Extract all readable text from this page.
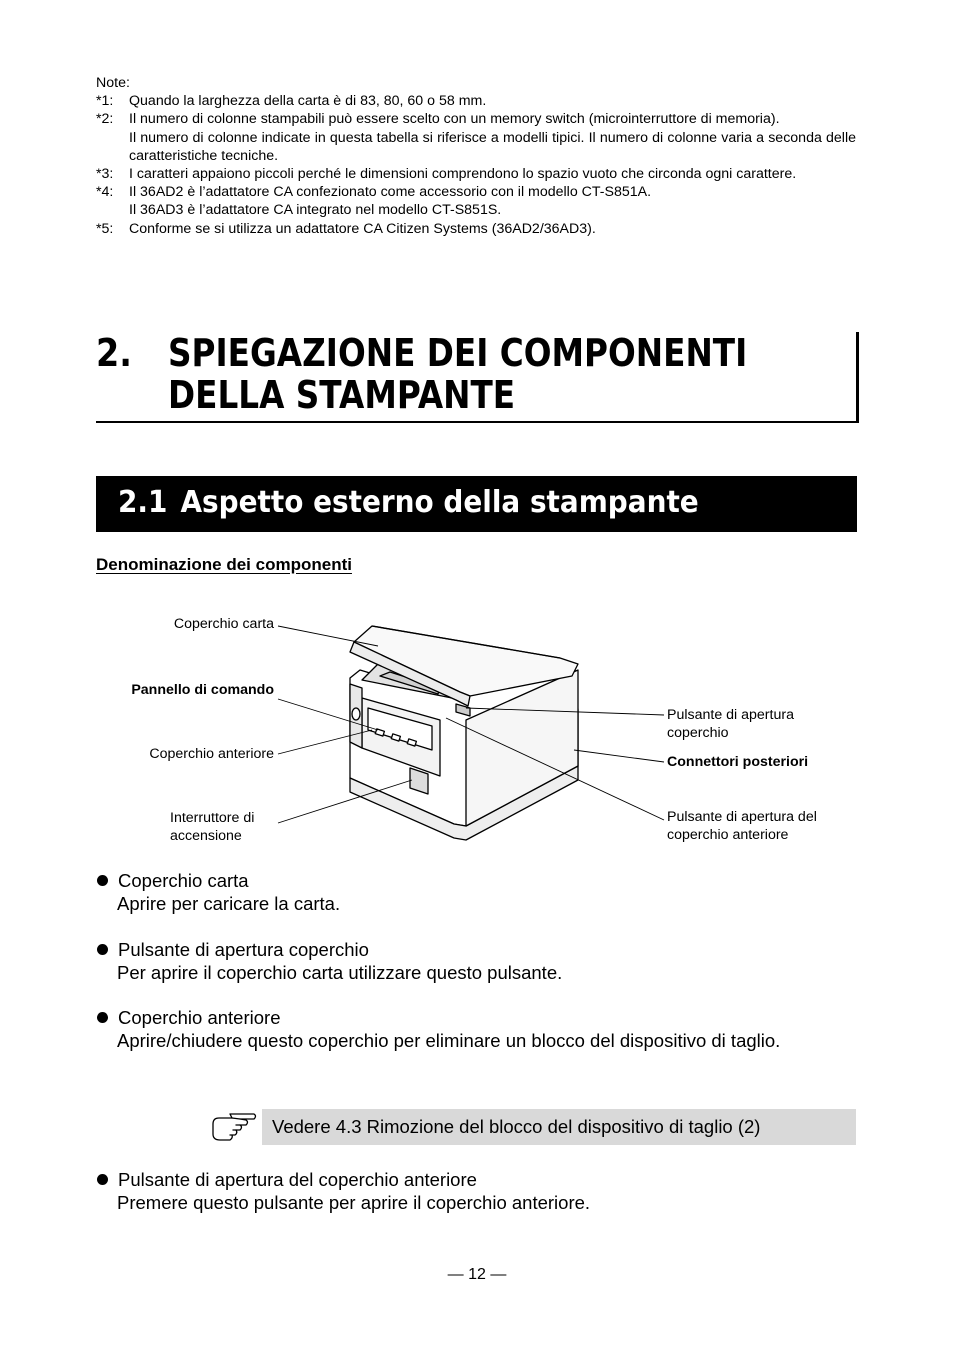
Note:
*1:	Quando la larghezza della carta è di 83, 80, 60 o 58 mm.

*2:	Il numero di colonne stampabili può essere scelto con un memory switch (microinterruttore di memoria).

Il numero di colonne indicate in questa tabella si riferisce a modelli tipici. Il numero di colonne varia a seconda delle caratteristiche tecniche.

*3:	I caratteri appaiono piccoli perché le dimensioni comprendono lo spazio vuoto che circonda ogni carattere.

*4:	Il 36AD2 è l’adattatore CA confezionato come accessorio con il modello CT-S851A.

Il 36AD3 è l’adattatore CA integrato nel modello CT-S851S.

*5:	Conforme se si utilizza un adattatore CA Citizen Systems (36AD2/36AD3).

2. SPIEGAZIONE DEI COMPONENTI
DELLA STAMPANTE
2.1 Aspetto esterno della stampante
Denominazione dei componenti
Coperchio carta
Pannello di comando
Coperchio anteriore
Interruttore di
accensione
Pulsante di apertura
coperchio
Connettori posteriori
Pulsante di apertura del
coperchio anteriore
Coperchio carta
Aprire per caricare la carta.
Pulsante di apertura coperchio
Per aprire il coperchio carta utilizzare questo pulsante.
Coperchio anteriore
Aprire/chiudere questo coperchio per eliminare un blocco del dispositivo di taglio.
Pulsante di apertura del coperchio anteriore
Premere questo pulsante per aprire il coperchio anteriore.
Vedere 4.3 Rimozione del blocco del dispositivo di taglio (2)
— 12 —
